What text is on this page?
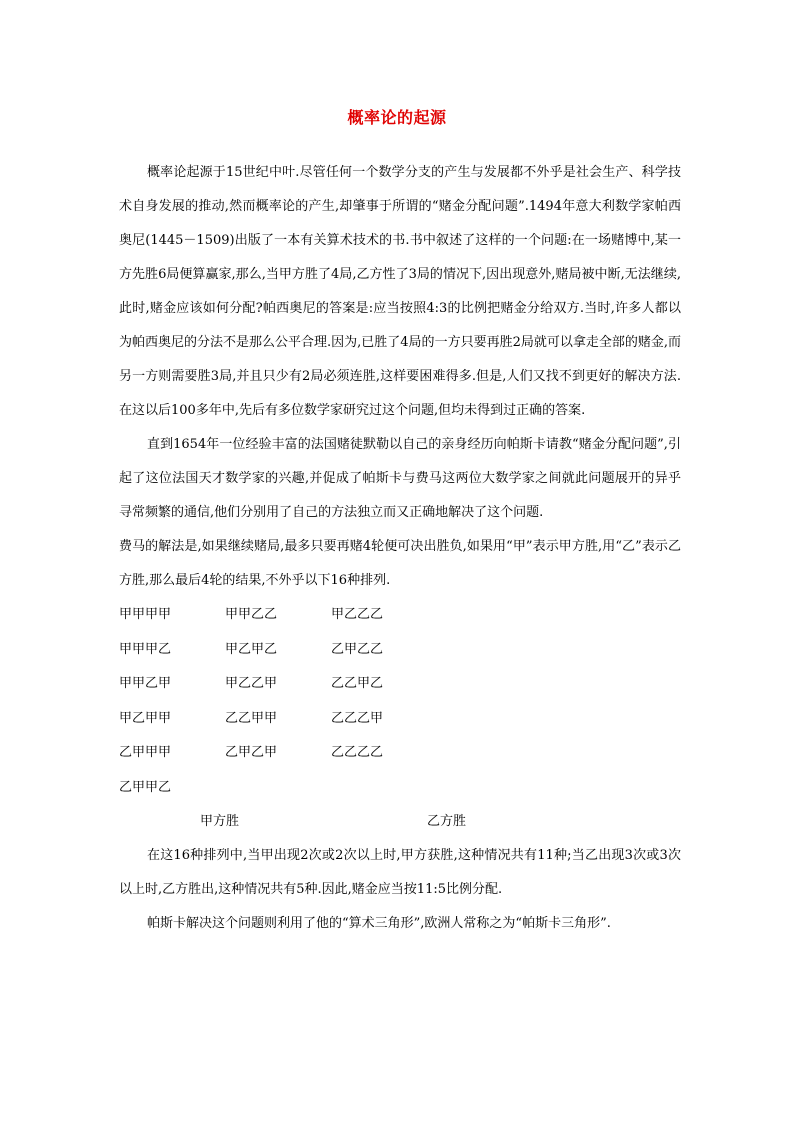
概率论的起源

概率论起源于15世纪中叶.尽管任何一个数学分支的产生与发展都不外乎是社会生产、科学技术自身发展的推动,然而概率论的产生,却肇事于所谓的“赌金分配问题”.1494年意大利数学家帕西奥尼(1445－1509)出版了一本有关算术技术的书.书中叙述了这样的一个问题:在一场赌博中,某一方先胜6局便算赢家,那么,当甲方胜了4局,乙方性了3局的情况下,因出现意外,赌局被中断,无法继续,此时,赌金应该如何分配?帕西奥尼的答案是:应当按照4:3的比例把赌金分给双方.当时,许多人都以为帕西奥尼的分法不是那么公平合理.因为,已胜了4局的一方只要再胜2局就可以拿走全部的赌金,而另一方则需要胜3局,并且只少有2局必须连胜,这样要困难得多.但是,人们又找不到更好的解决方法.在这以后100多年中,先后有多位数学家研究过这个问题,但均未得到过正确的答案.

直到1654年一位经验丰富的法国赌徒默勒以自己的亲身经历向帕斯卡请教“赌金分配问题”,引起了这位法国天才数学家的兴趣,并促成了帕斯卡与费马这两位大数学家之间就此问题展开的异乎寻常频繁的通信,他们分别用了自己的方法独立而又正确地解决了这个问题.

费马的解法是,如果继续赌局,最多只要再赌4轮便可决出胜负,如果用“甲”表示甲方胜,用“乙”表示乙方胜,那么最后4轮的结果,不外乎以下16种排列.

甲甲甲甲	甲甲乙乙	甲乙乙乙
甲甲甲乙	甲乙甲乙	乙甲乙乙
甲甲乙甲	甲乙乙甲	乙乙甲乙
甲乙甲甲	乙乙甲甲	乙乙乙甲
乙甲甲甲	乙甲乙甲	乙乙乙乙
乙甲甲乙
甲方胜	乙方胜

在这16种排列中,当甲出现2次或2次以上时,甲方获胜,这种情况共有11种;当乙出现3次或3次以上时,乙方胜出,这种情况共有5种.因此,赌金应当按11:5比例分配.

帕斯卡解决这个问题则利用了他的“算术三角形”,欧洲人常称之为“帕斯卡三角形”.
